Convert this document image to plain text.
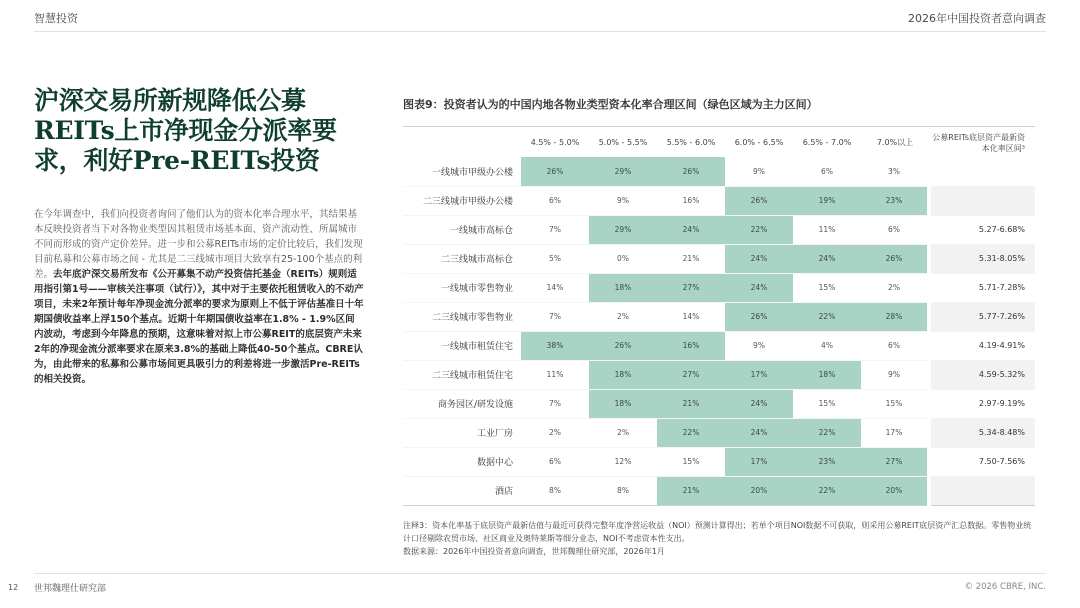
智慧投资	2026年中国投资者意向调查
沪深交易所新规降低公募REITs上市净现金分派率要求，利好Pre-REITs投资

在今年调查中，我们向投资者询问了他们认为的资本化率合理水平，其结果基本反映投资者当下对各物业类型因其租赁市场基本面、资产流动性、所属城市不同而形成的资产定价差异。进一步和公募REITs市场的定价比较后，我们发现目前私募和公募市场之间 - 尤其是二三线城市项目大致享有25-100个基点的利差。去年底沪深交易所发布《公开募集不动产投资信托基金（REITs）规则适用指引第1号——审核关注事项（试行）》，其中对于主要依托租赁收入的不动产项目，未来2年预计每年净现金流分派率的要求为原则上不低于评估基准日十年期国债收益率上浮150个基点。近期十年期国债收益率在1.8% - 1.9%区间内波动，考虑到今年降息的预期，这意味着对拟上市公募REIT的底层资产未来2年的净现金流分派率要求在原来3.8%的基础上降低40-50个基点。CBRE认为，由此带来的私募和公募市场间更具吸引力的利差将进一步激活Pre-REITs的相关投资。

图表9：投资者认为的中国内地各物业类型资本化率合理区间（绿色区域为主力区间）
	4.5% - 5.0%	5.0% - 5.5%	5.5% - 6.0%	6.0% - 6.5%	6.5% - 7.0%	7.0%以上	公募REITs底层资产最新资本化率区间³
一线城市甲级办公楼	26%	29%	26%	9%	6%	3%	
二三线城市甲级办公楼	6%	9%	16%	26%	19%	23%	
一线城市高标仓	7%	29%	24%	22%	11%	6%	5.27-6.68%
二三线城市高标仓	5%	0%	21%	24%	24%	26%	5.31-8.05%
一线城市零售物业	14%	18%	27%	24%	15%	2%	5.71-7.28%
二三线城市零售物业	7%	2%	14%	26%	22%	28%	5.77-7.26%
一线城市租赁住宅	38%	26%	16%	9%	4%	6%	4.19-4.91%
二三线城市租赁住宅	11%	18%	27%	17%	18%	9%	4.59-5.32%
商务园区/研发设施	7%	18%	21%	24%	15%	15%	2.97-9.19%
工业厂房	2%	2%	22%	24%	22%	17%	5.34-8.48%
数据中心	6%	12%	15%	17%	23%	27%	7.50-7.56%
酒店	8%	8%	21%	20%	22%	20%	

注释3：资本化率基于底层资产最新估值与最近可获得完整年度净营运收益（NOI）预测计算得出；若单个项目NOI数据不可获取，则采用公募REIT底层资产汇总数据。零售物业统计口径剔除农贸市场、社区商业及奥特莱斯等细分业态，NOI不考虑资本性支出。

数据来源：2026年中国投资者意向调查，世邦魏理仕研究部，2026年1月

12 世邦魏理仕研究部	© 2026 CBRE, INC.
